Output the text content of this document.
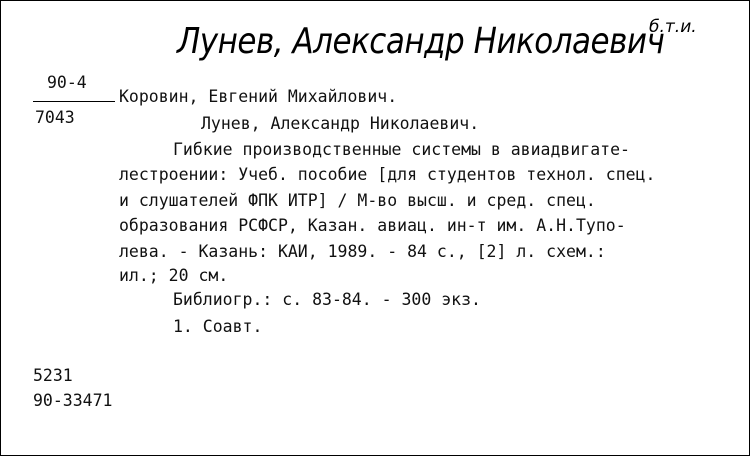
Лунев, Александр Николаевич
б.т.и.
90-4
7043
Коровин, Евгений Михайлович.
Лунев, Александр Николаевич.
Гибкие производственные системы в авиадвигате-
лестроении: Учеб. пособие [для студентов технол. спец.
и слушателей ФПК ИТР] / М-во высш. и сред. спец.
образования РСФСР, Казан. авиац. ин-т им. А.Н.Тупо-
лева. - Казань: КАИ, 1989. - 84 с., [2] л. схем.:
ил.; 20 см.
Библиогр.: с. 83-84. - 300 экз.
1. Соавт.
5231
90-33471
